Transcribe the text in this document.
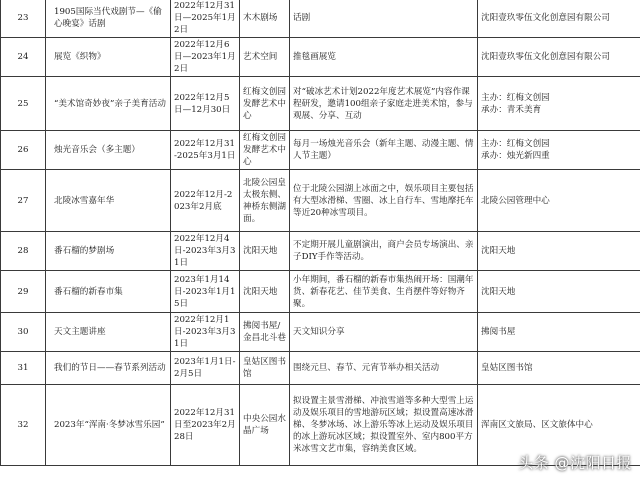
23	1905国际当代戏剧节—《偷心晚宴》话剧	2022年12月31日—2025年1月2日	木木剧场	话剧	沈阳壹玖零伍文化创意园有限公司

24	展览《织物》	2022年12月6日—2023年1月2日	艺术空间	推毯画展览	沈阳壹玖零伍文化创意园有限公司

25	“美术馆奇妙夜”亲子美育活动	2022年12月5日—12月30日	红梅文创园发酵艺术中心	对“破冰艺术计划2022年度艺术展览”内容作课程研发，邀请100组亲子家庭走进美术馆，参与观展、分享、互动	主办：红梅文创园
承办：青禾美育

26	烛光音乐会（多主题）	2022年12月31-2025年3月1日	红梅文创园发酵艺术中心	每月一场烛光音乐会（新年主题、动漫主题、情人节主题）	主办：红梅文创园
承办：烛光新四重

27	北陵冰雪嘉年华	2022年12月-2023年2月底	北陵公园皇太极东侧、神桥东侧湖面。	位于北陵公园湖上冰面之中，娱乐项目主要包括有大型冰滑梯、雪圈、冰上自行车、雪地摩托车等近20种冰雪项目。	北陵公园管理中心

28	番石榴的梦剧场	2022年12月4日-2023年3月31日	沈阳天地	不定期开展儿童剧演出，商户会员专场演出、亲子DIY手作等活动。	沈阳天地

29	番石榴的新春市集	2023年1月14日-2023年1月15日	沈阳天地	小年期间，番石榴的新春市集热闹开场：国潮年货、新春花艺、佳节美食、生肖摆件等好物齐聚。	沈阳天地

30	天文主题讲座	2022年12月1日-2023年3月31日	拂阅书屋/金昌北斗巷	天文知识分享	拂阅书屋

31	我们的节日——春节系列活动	2023年1月1日-2月5日	皇姑区图书馆	围绕元旦、春节、元宵节举办相关活动	皇姑区图书馆

32	2023年“浑南·冬梦冰雪乐园”	2022年12月31日至2023年2月28日	中央公园水晶广场	拟设置主景雪滑梯、冲浪雪道等多种大型雪上运动及娱乐项目的雪地游玩区域；拟设置高速冰滑梯、冬梦冰场、冰上游乐等冰上运动及娱乐项目的冰上游玩冰区域；拟设置室外、室内800平方米冰雪文艺市集，容纳美食区域。	浑南区文旅局、区文旅体中心
头条 @沈阳日报
